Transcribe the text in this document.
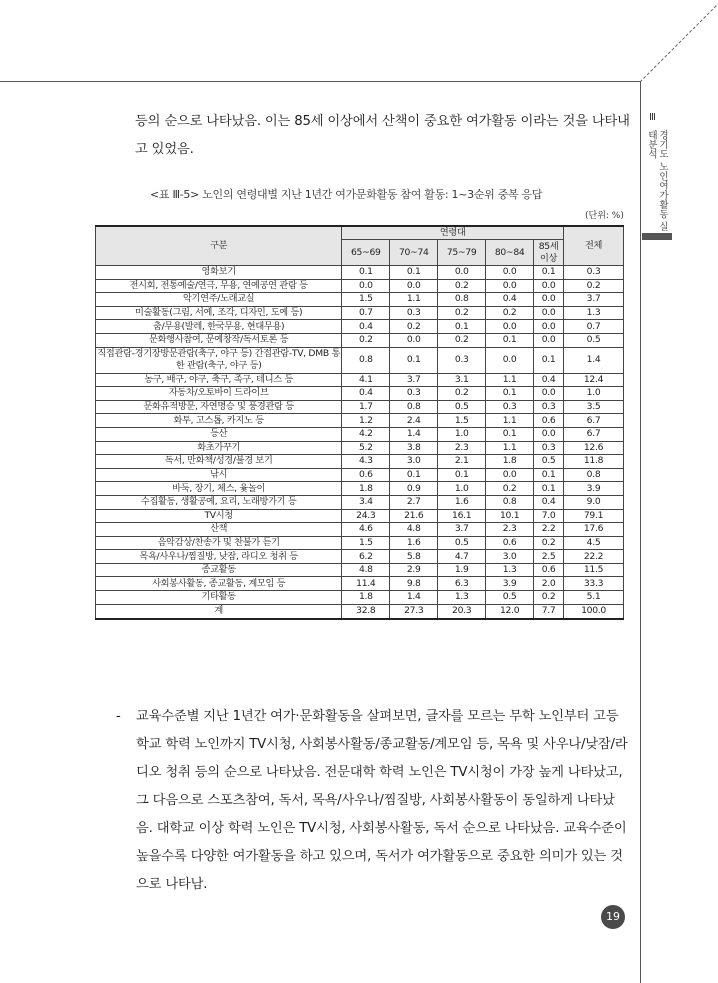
Ⅲ
경기도 노인여가활동 실태분석
등의 순으로 나타났음. 이는 85세 이상에서 산책이 중요한 여가활동 이라는 것을 나타내고 있었음.
<표 Ⅲ-5> 노인의 연령대별 지난 1년간 여가문화활동 참여 활동: 1~3순위 중복 응답
(단위: %)
구분	연령대					전체
	65~69	70~74	75~79	80~84	85세 이상	
영화보기	0.1	0.1	0.0	0.0	0.1	0.3
전시회, 전통예술/연극, 무용, 연예공연 관람 등	0.0	0.0	0.2	0.0	0.0	0.2
악기연주/노래교실	1.5	1.1	0.8	0.4	0.0	3.7
미술활동(그림, 서예, 조각, 디자인, 도예 등)	0.7	0.3	0.2	0.2	0.0	1.3
춤/무용(발레, 한국무용, 현대무용)	0.4	0.2	0.1	0.0	0.0	0.7
문화행사참여, 문예창작/독서토론 등	0.2	0.0	0.2	0.1	0.0	0.5
직접관람-경기장방문관람(축구, 야구 등) 간접관람-TV, DMB 통한 관람(축구, 야구 등)	0.8	0.1	0.3	0.0	0.1	1.4
농구, 배구, 야구, 축구, 족구, 테니스 등	4.1	3.7	3.1	1.1	0.4	12.4
자동차/오토바이 드라이브	0.4	0.3	0.2	0.1	0.0	1.0
문화유적방문, 자연명승 및 풍경관람 등	1.7	0.8	0.5	0.3	0.3	3.5
화투, 고스톱, 카지노 등	1.2	2.4	1.5	1.1	0.6	6.7
등산	4.2	1.4	1.0	0.1	0.0	6.7
화초가꾸기	5.2	3.8	2.3	1.1	0.3	12.6
독서, 만화책/성경/불경 보기	4.3	3.0	2.1	1.8	0.5	11.8
낚시	0.6	0.1	0.1	0.0	0.1	0.8
바둑, 장기, 체스, 윷놀이	1.8	0.9	1.0	0.2	0.1	3.9
수집활동, 생활공예, 요리, 노래방가기 등	3.4	2.7	1.6	0.8	0.4	9.0
TV시청	24.3	21.6	16.1	10.1	7.0	79.1
산책	4.6	4.8	3.7	2.3	2.2	17.6
음악감상/찬송가 및 찬불가 듣기	1.5	1.6	0.5	0.6	0.2	4.5
목욕/사우나/찜질방, 낮잠, 라디오 청취 등	6.2	5.8	4.7	3.0	2.5	22.2
종교활동	4.8	2.9	1.9	1.3	0.6	11.5
사회봉사활동, 종교활동, 계모임 등	11.4	9.8	6.3	3.9	2.0	33.3
기타활동	1.8	1.4	1.3	0.5	0.2	5.1
계	32.8	27.3	20.3	12.0	7.7	100.0
- 교육수준별 지난 1년간 여가·문화활동을 살펴보면, 글자를 모르는 무학 노인부터 고등학교 학력 노인까지 TV시청, 사회봉사활동/종교활동/계모임 등, 목욕 및 사우나/낮잠/라디오 청취 등의 순으로 나타났음. 전문대학 학력 노인은 TV시청이 가장 높게 나타났고, 그 다음으로 스포츠참여, 독서, 목욕/사우나/찜질방, 사회봉사활동이 동일하게 나타났음. 대학교 이상 학력 노인은 TV시청, 사회봉사활동, 독서 순으로 나타났음. 교육수준이 높을수록 다양한 여가활동을 하고 있으며, 독서가 여가활동으로 중요한 의미가 있는 것으로 나타남.
19
